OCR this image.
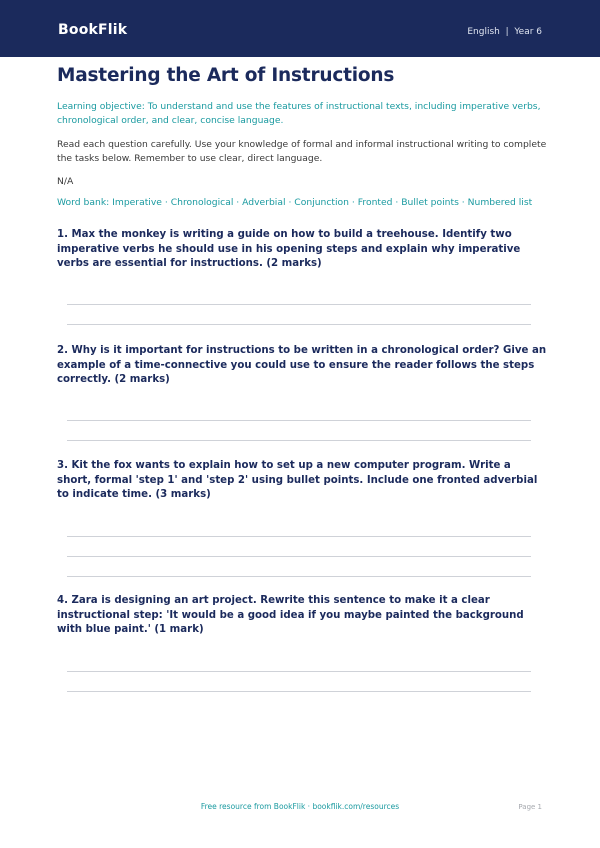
BookFlik	English  |  Year 6
Mastering the Art of Instructions
Learning objective: To understand and use the features of instructional texts, including imperative verbs, chronological order, and clear, concise language.
Read each question carefully. Use your knowledge of formal and informal instructional writing to complete the tasks below. Remember to use clear, direct language.
N/A
Word bank: Imperative · Chronological · Adverbial · Conjunction · Fronted · Bullet points · Numbered list
1. Max the monkey is writing a guide on how to build a treehouse. Identify two imperative verbs he should use in his opening steps and explain why imperative verbs are essential for instructions. (2 marks)
2. Why is it important for instructions to be written in a chronological order? Give an example of a time-connective you could use to ensure the reader follows the steps correctly. (2 marks)
3. Kit the fox wants to explain how to set up a new computer program. Write a short, formal 'step 1' and 'step 2' using bullet points. Include one fronted adverbial to indicate time. (3 marks)
4. Zara is designing an art project. Rewrite this sentence to make it a clear instructional step: 'It would be a good idea if you maybe painted the background with blue paint.' (1 mark)
Free resource from BookFlik · bookflik.com/resources	Page 1
